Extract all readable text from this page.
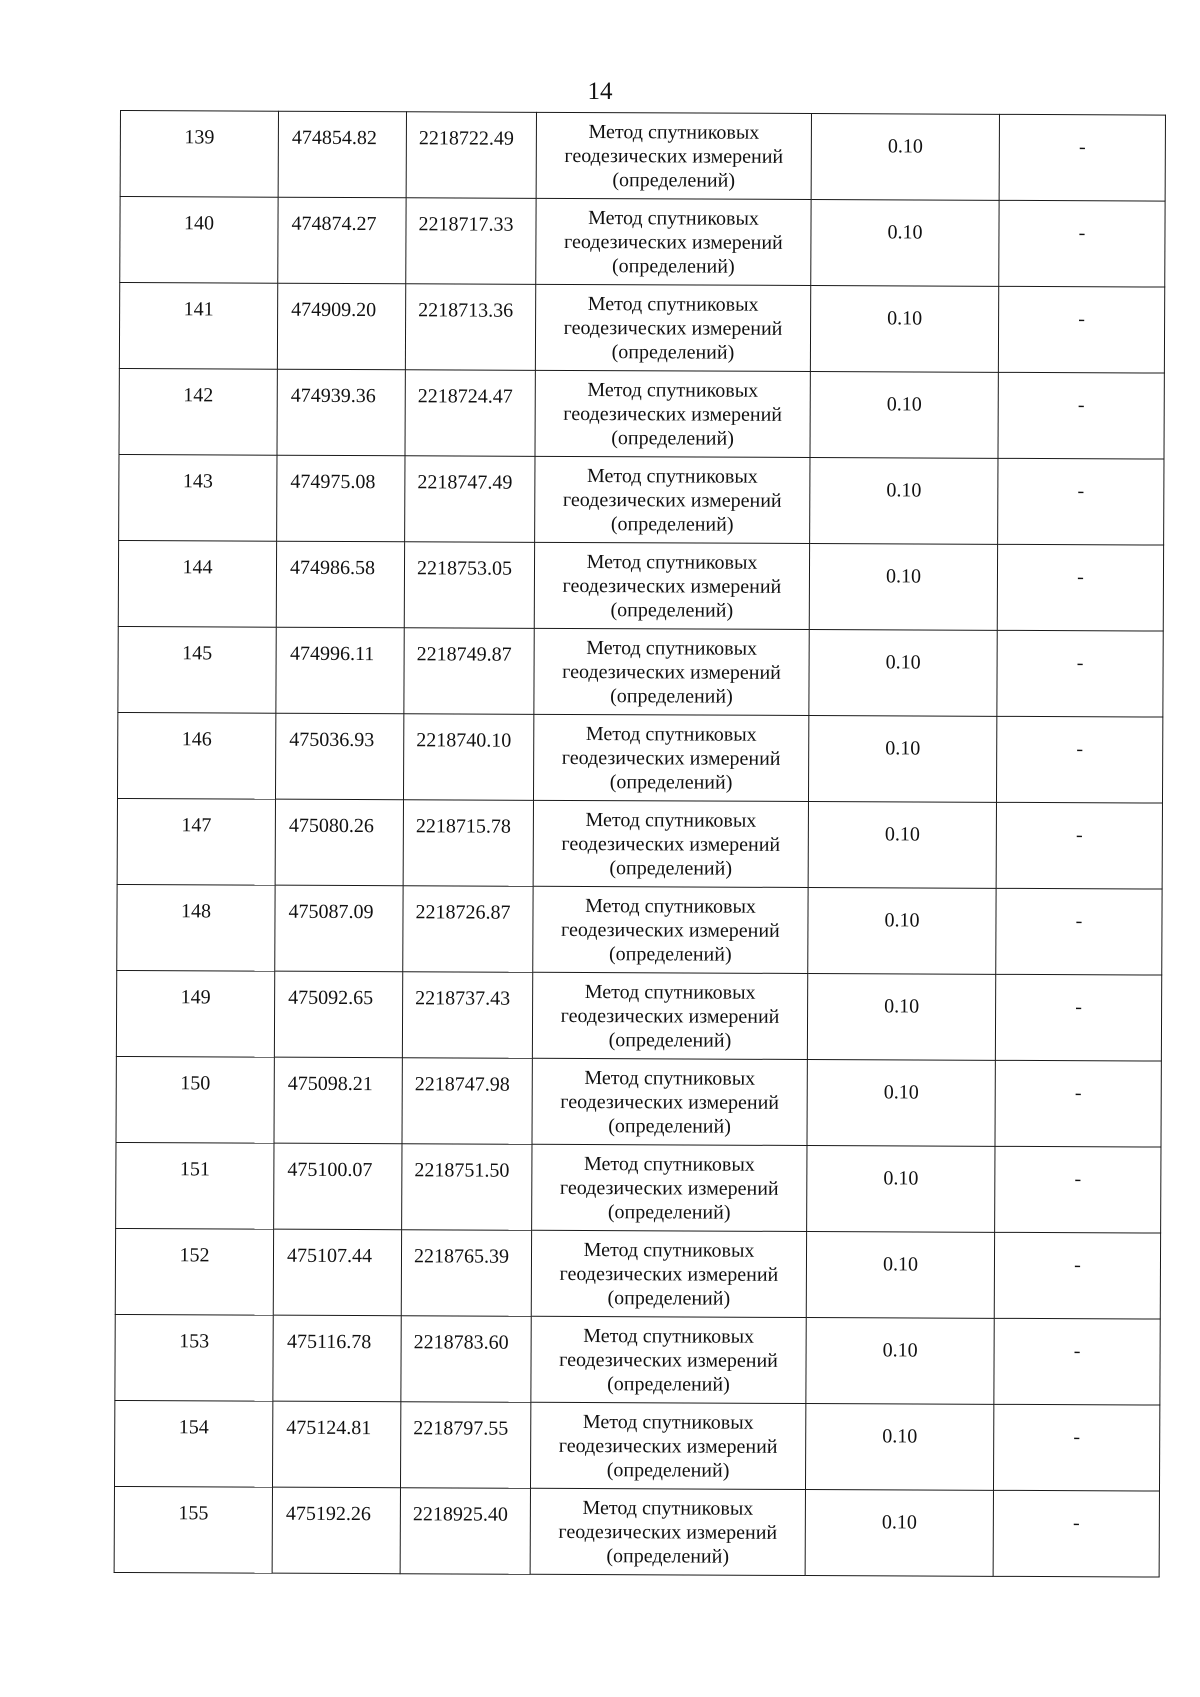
14
139	474854.82	2218722.49	Метод спутниковых
геодезических измерений
(определений)	0.10	-
140	474874.27	2218717.33	Метод спутниковых
геодезических измерений
(определений)	0.10	-
141	474909.20	2218713.36	Метод спутниковых
геодезических измерений
(определений)	0.10	-
142	474939.36	2218724.47	Метод спутниковых
геодезических измерений
(определений)	0.10	-
143	474975.08	2218747.49	Метод спутниковых
геодезических измерений
(определений)	0.10	-
144	474986.58	2218753.05	Метод спутниковых
геодезических измерений
(определений)	0.10	-
145	474996.11	2218749.87	Метод спутниковых
геодезических измерений
(определений)	0.10	-
146	475036.93	2218740.10	Метод спутниковых
геодезических измерений
(определений)	0.10	-
147	475080.26	2218715.78	Метод спутниковых
геодезических измерений
(определений)	0.10	-
148	475087.09	2218726.87	Метод спутниковых
геодезических измерений
(определений)	0.10	-
149	475092.65	2218737.43	Метод спутниковых
геодезических измерений
(определений)	0.10	-
150	475098.21	2218747.98	Метод спутниковых
геодезических измерений
(определений)	0.10	-
151	475100.07	2218751.50	Метод спутниковых
геодезических измерений
(определений)	0.10	-
152	475107.44	2218765.39	Метод спутниковых
геодезических измерений
(определений)	0.10	-
153	475116.78	2218783.60	Метод спутниковых
геодезических измерений
(определений)	0.10	-
154	475124.81	2218797.55	Метод спутниковых
геодезических измерений
(определений)	0.10	-
155	475192.26	2218925.40	Метод спутниковых
геодезических измерений
(определений)	0.10	-
